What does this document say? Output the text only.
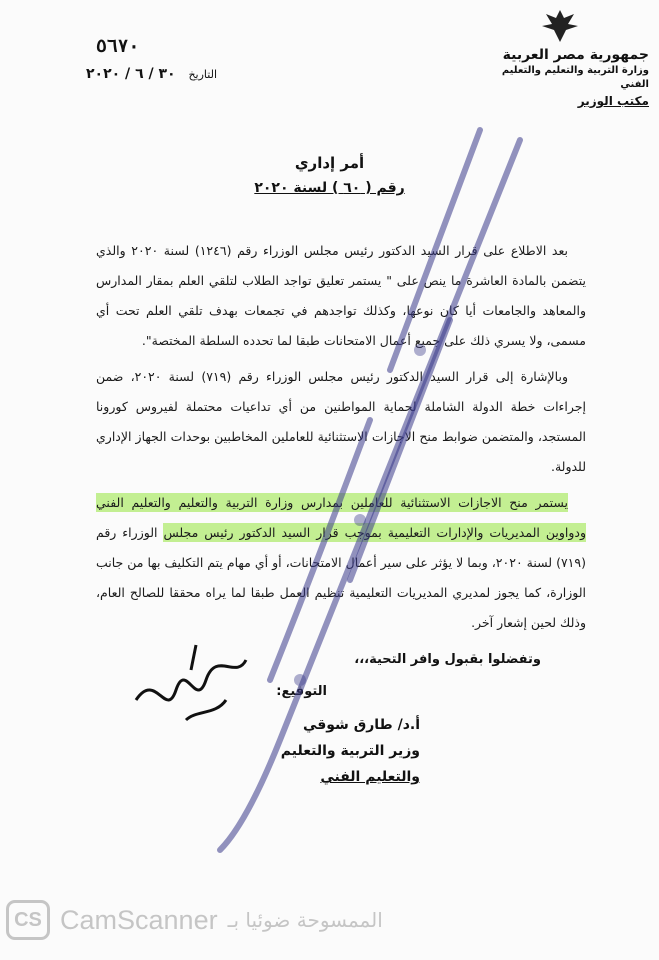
جمهورية مصر العربية
وزارة التربية والتعليم والتعليم الفني
مكتب الوزير
٥٦٧٠
التاريخ ٣٠ / ٦ / ٢٠٢٠
أمر إداري
رقم ( ٦٠ ) لسنة ٢٠٢٠

بعد الاطلاع على قرار السيد الدكتور رئيس مجلس الوزراء رقم (١٢٤٦) لسنة ٢٠٢٠ والذي يتضمن بالمادة العاشرة ما ينص على " يستمر تعليق تواجد الطلاب لتلقي العلم بمقار المدارس والمعاهد والجامعات أيا كان نوعها، وكذلك تواجدهم في تجمعات بهدف تلقي العلم تحت أي مسمى، ولا يسري ذلك على جميع أعمال الامتحانات طبقا لما تحدده السلطة المختصة".

وبالإشارة إلى قرار السيد الدكتور رئيس مجلس الوزراء رقم (٧١٩) لسنة ٢٠٢٠، ضمن إجراءات خطة الدولة الشاملة لحماية المواطنين من أي تداعيات محتملة لفيروس كورونا المستجد، والمتضمن ضوابط منح الاجازات الاستثنائية للعاملين المخاطبين بوحدات الجهاز الإداري للدولة.

يستمر منح الاجازات الاستثنائية للعاملين بمدارس وزارة التربية والتعليم والتعليم الفني ودواوين المديريات والإدارات التعليمية بموجب قرار السيد الدكتور رئيس مجلس الوزراء رقم (٧١٩) لسنة ٢٠٢٠، وبما لا يؤثر على سير أعمال الامتحانات، أو أي مهام يتم التكليف بها من جانب الوزارة، كما يجوز لمديري المديريات التعليمية تنظيم العمل طبقا لما يراه محققا للصالح العام، وذلك لحين إشعار آخر.

وتفضلوا بقبول وافر التحية،،،
التوقيع:
أ.د/ طارق شوقي
وزير التربية والتعليم
والتعليم الفني
CS CamScanner الممسوحة ضوئيا بـ
